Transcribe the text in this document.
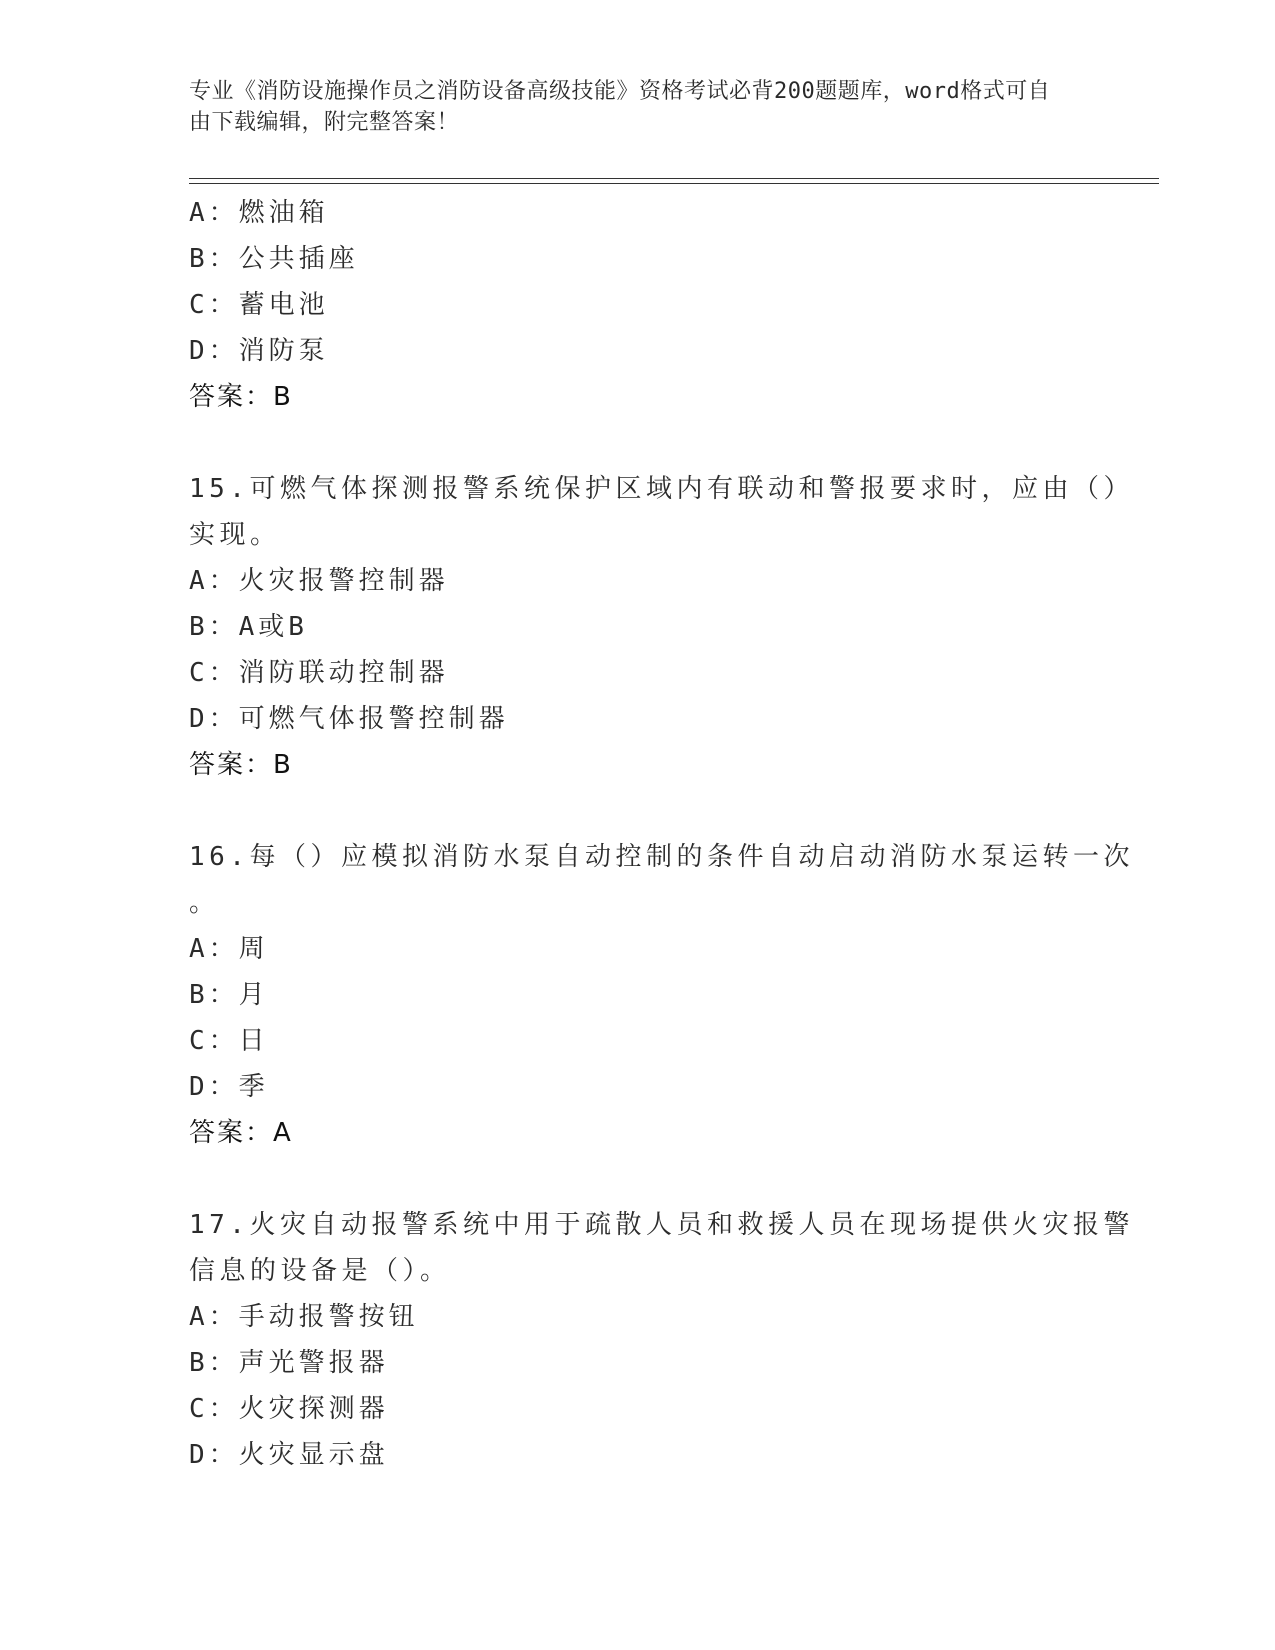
专业《消防设施操作员之消防设备高级技能》资格考试必背200题题库，word格式可自由下载编辑，附完整答案！
A：燃油箱
B：公共插座
C：蓄电池
D：消防泵
答案：B
15.可燃气体探测报警系统保护区域内有联动和警报要求时，应由（）
实现。
A：火灾报警控制器
B：A或B
C：消防联动控制器
D：可燃气体报警控制器
答案：B
16.每（）应模拟消防水泵自动控制的条件自动启动消防水泵运转一次
。
A：周
B：月
C：日
D：季
答案：A
17.火灾自动报警系统中用于疏散人员和救援人员在现场提供火灾报警
信息的设备是（）。
A：手动报警按钮
B：声光警报器
C：火灾探测器
D：火灾显示盘
